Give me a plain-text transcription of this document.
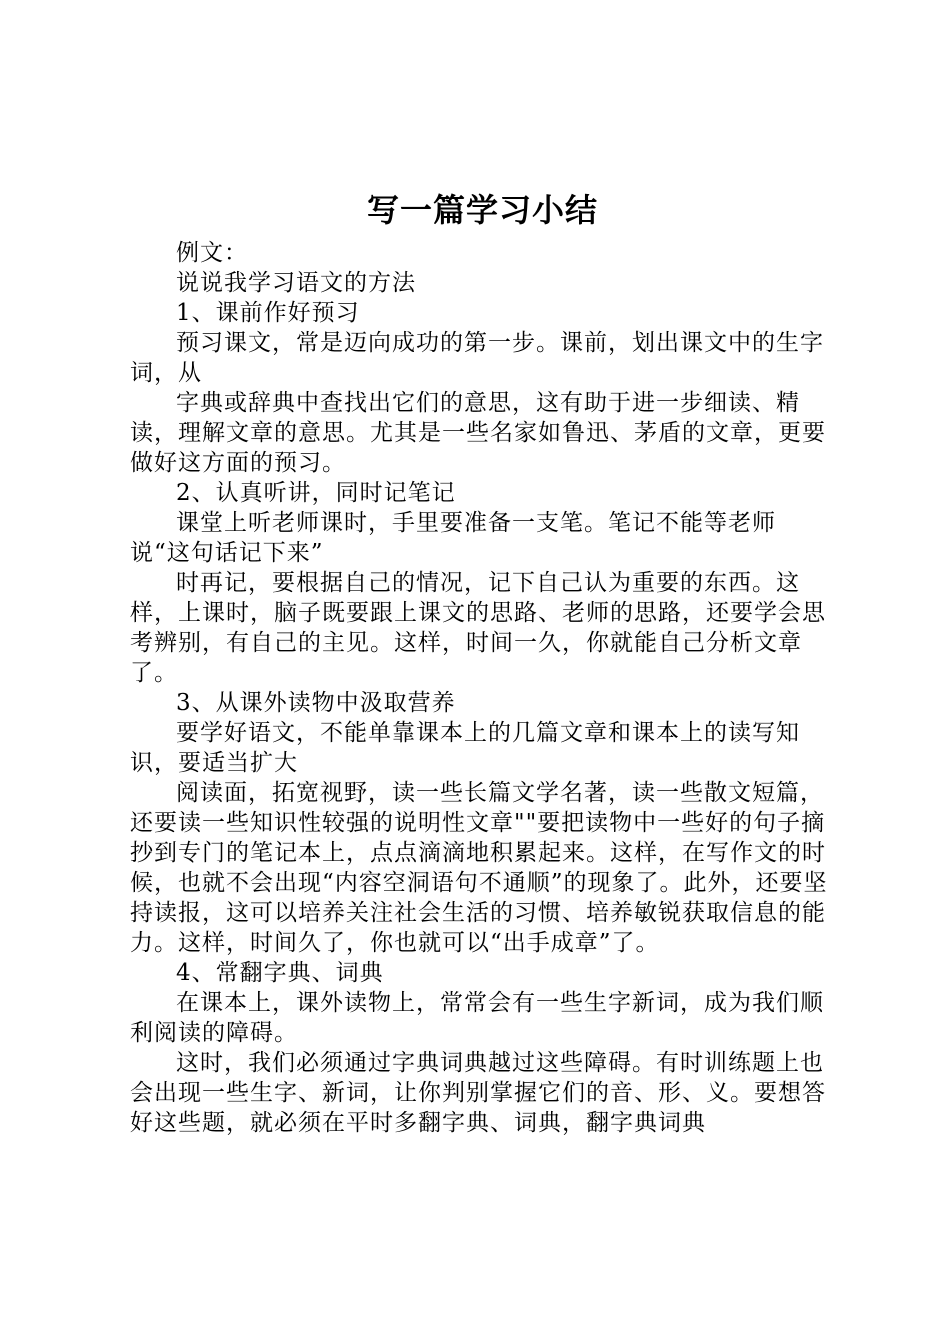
写一篇学习小结

例文：

说说我学习语文的方法

1、课前作好预习

预习课文，常是迈向成功的第一步。课前，划出课文中的生字词，从

字典或辞典中查找出它们的意思，这有助于进一步细读、精读，理解文章的意思。尤其是一些名家如鲁迅、茅盾的文章，更要做好这方面的预习。

2、认真听讲，同时记笔记

课堂上听老师课时，手里要准备一支笔。笔记不能等老师说“这句话记下来”

时再记，要根据自己的情况，记下自己认为重要的东西。这样，上课时，脑子既要跟上课文的思路、老师的思路，还要学会思考辨别，有自己的主见。这样，时间一久，你就能自己分析文章了。

3、从课外读物中汲取营养

要学好语文，不能单靠课本上的几篇文章和课本上的读写知识，要适当扩大

阅读面，拓宽视野，读一些长篇文学名著，读一些散文短篇，还要读一些知识性较强的说明性文章""要把读物中一些好的句子摘抄到专门的笔记本上，点点滴滴地积累起来。这样，在写作文的时候，也就不会出现“内容空洞语句不通顺”的现象了。此外，还要坚持读报，这可以培养关注社会生活的习惯、培养敏锐获取信息的能力。这样，时间久了，你也就可以“出手成章”了。

4、常翻字典、词典

在课本上，课外读物上，常常会有一些生字新词，成为我们顺利阅读的障碍。

这时，我们必须通过字典词典越过这些障碍。有时训练题上也会出现一些生字、新词，让你判别掌握它们的音、形、义。要想答好这些题，就必须在平时多翻字典、词典，翻字典词典
